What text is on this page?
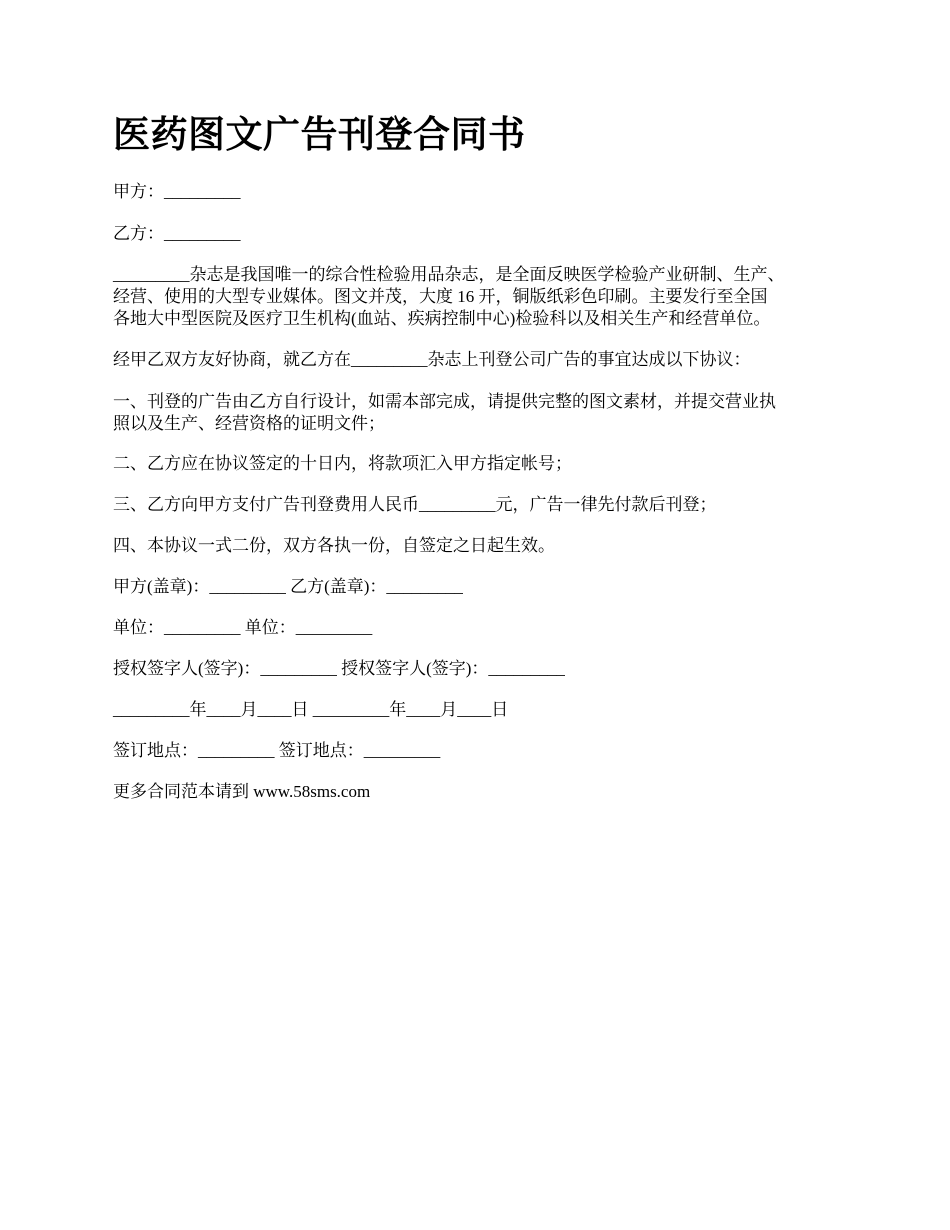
医药图文广告刊登合同书
甲方：_________
乙方：_________
_________杂志是我国唯一的综合性检验用品杂志，是全面反映医学检验产业研制、生产、
经营、使用的大型专业媒体。图文并茂，大度 16 开，铜版纸彩色印刷。主要发行至全国
各地大中型医院及医疗卫生机构(血站、疾病控制中心)检验科以及相关生产和经营单位。
经甲乙双方友好协商，就乙方在_________杂志上刊登公司广告的事宜达成以下协议：
一、刊登的广告由乙方自行设计，如需本部完成，请提供完整的图文素材，并提交营业执
照以及生产、经营资格的证明文件；
二、乙方应在协议签定的十日内，将款项汇入甲方指定帐号；
三、乙方向甲方支付广告刊登费用人民币_________元，广告一律先付款后刊登；
四、本协议一式二份，双方各执一份，自签定之日起生效。
甲方(盖章)：_________ 乙方(盖章)：_________
单位：_________ 单位：_________
授权签字人(签字)：_________ 授权签字人(签字)：_________
_________年____月____日 _________年____月____日
签订地点：_________ 签订地点：_________
更多合同范本请到 www.58sms.com
